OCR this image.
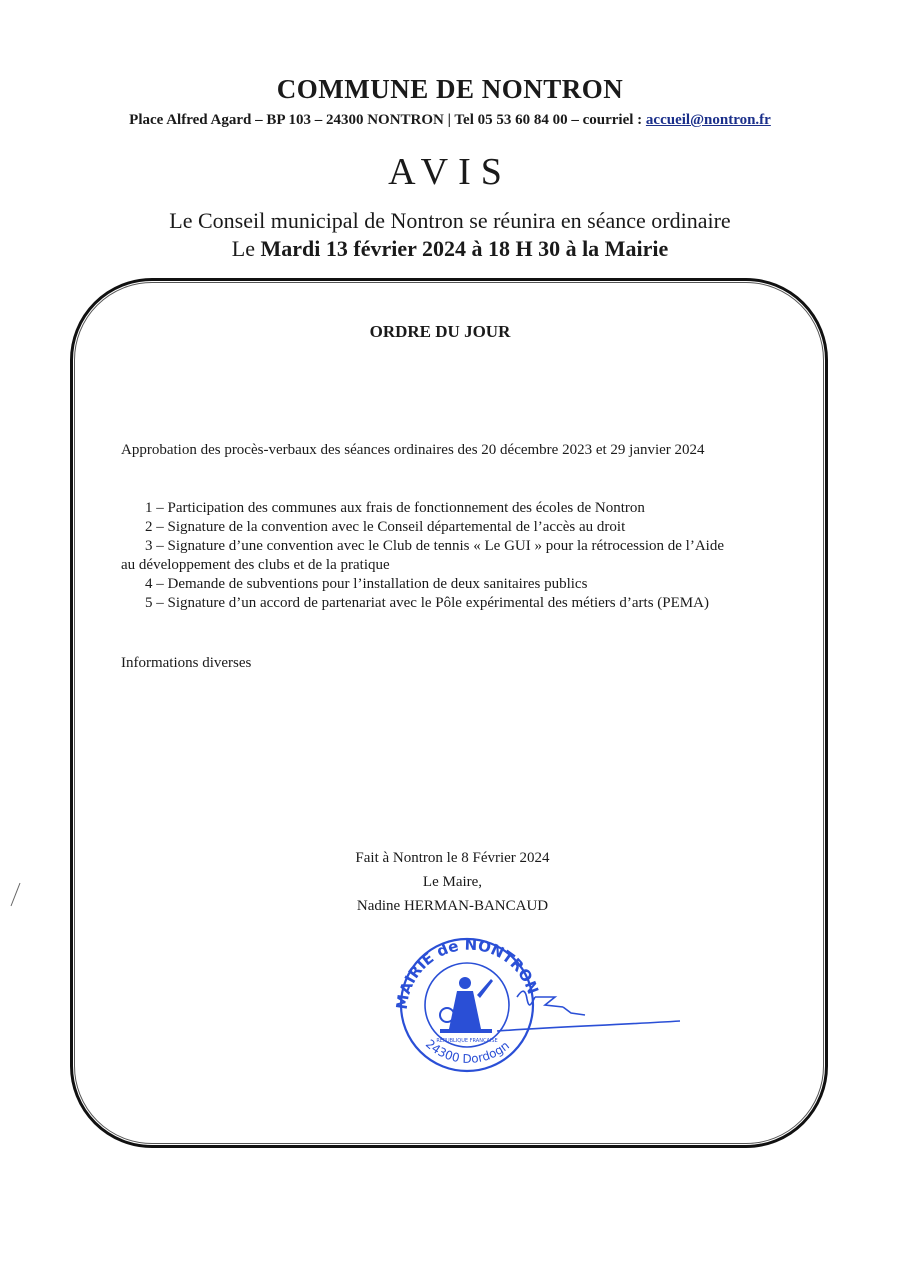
COMMUNE DE NONTRON
Place Alfred Agard – BP 103 – 24300 NONTRON | Tel 05 53 60 84 00 – courriel : accueil@nontron.fr
AVIS
Le Conseil municipal de Nontron se réunira en séance ordinaire
Le Mardi 13 février 2024 à 18 H 30 à la Mairie
ORDRE DU JOUR
Approbation des procès-verbaux des séances ordinaires des 20 décembre 2023 et 29 janvier 2024
1 – Participation des communes aux frais de fonctionnement des écoles de Nontron
2 – Signature de la convention avec le Conseil départemental de l’accès au droit
3 – Signature d’une convention avec le Club de tennis « Le GUI » pour la rétrocession de l’Aide
au développement des clubs et de la pratique
4 – Demande de subventions pour l’installation de deux sanitaires publics
5 – Signature d’un accord de partenariat avec le Pôle expérimental des métiers d’arts (PEMA)
Informations diverses
Fait à Nontron le 8 Février 2024
Le Maire,
Nadine HERMAN-BANCAUD
MAIRIE de NONTRON
24300 Dordogn
RÉPUBLIQUE FRANÇAISE
